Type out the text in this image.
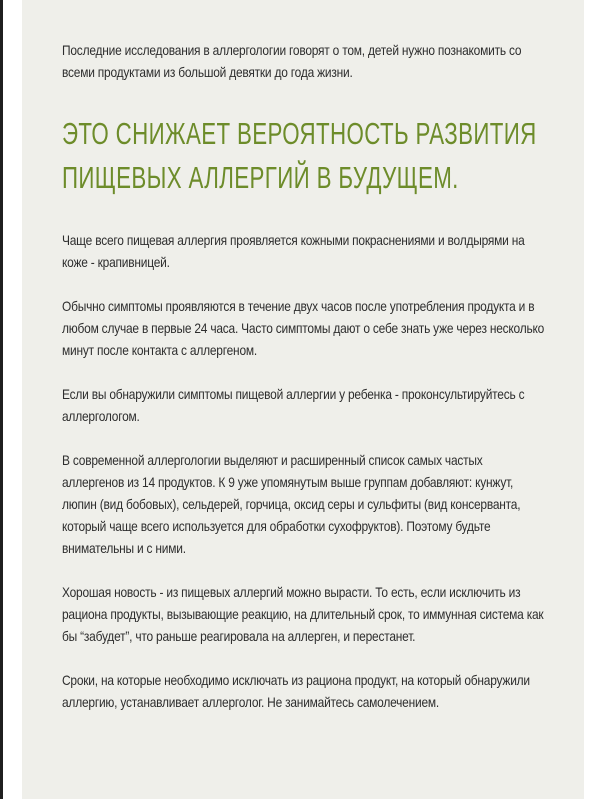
Последние исследования в аллергологии говорят о том, детей нужно познакомить со всеми продуктами из большой девятки до года жизни.

ЭТО СНИЖАЕТ ВЕРОЯТНОСТЬ РАЗВИТИЯ
ПИЩЕВЫХ АЛЛЕРГИЙ В БУДУЩЕМ.

Чаще всего пищевая аллергия проявляется кожными покраснениями и волдырями на коже - крапивницей.

Обычно симптомы проявляются в течение двух часов после употребления продукта и в любом случае в первые 24 часа. Часто симптомы дают о себе знать уже через несколько минут после контакта с аллергеном.

Если вы обнаружили симптомы пищевой аллергии у ребенка - проконсультируйтесь с аллергологом.

В современной аллергологии выделяют и расширенный список самых частых аллергенов из 14 продуктов. К 9 уже упомянутым выше группам добавляют: кунжут, люпин (вид бобовых), сельдерей, горчица, оксид серы и сульфиты (вид консерванта, который чаще всего используется для обработки сухофруктов). Поэтому будьте внимательны и с ними.

Хорошая новость - из пищевых аллергий можно вырасти. То есть, если исключить из рациона продукты, вызывающие реакцию, на длительный срок, то иммунная система как бы “забудет”, что раньше реагировала на аллерген, и перестанет.

Сроки, на которые необходимо исключать из рациона продукт, на который обнаружили аллергию, устанавливает аллерголог. Не занимайтесь самолечением.
